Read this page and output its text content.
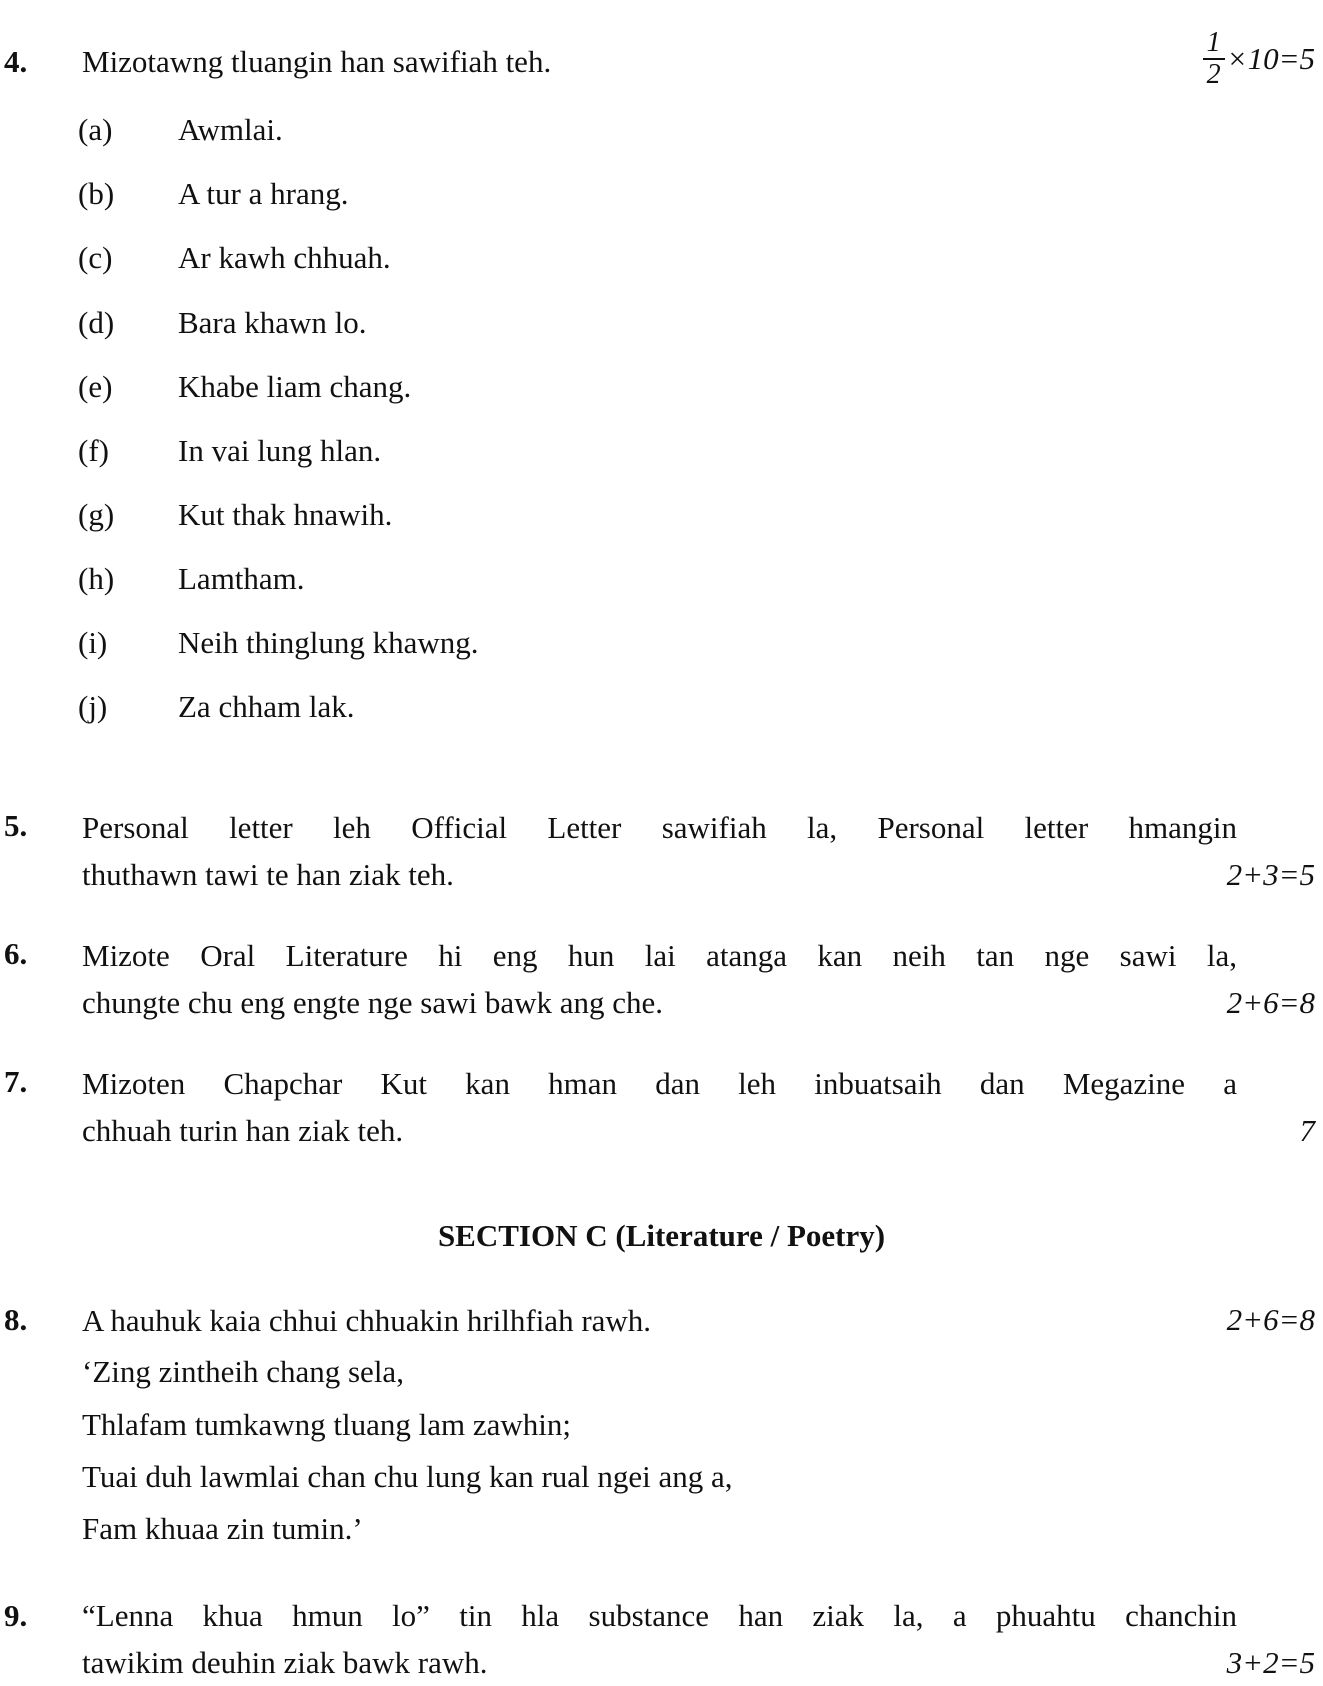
4. Mizotawng tluangin han sawifiah teh.
1
2 ×10=5
(a) Awmlai.
(b) A tur a hrang.
(c) Ar kawh chhuah.
(d) Bara khawn lo.
(e) Khabe liam chang.
(f) In vai lung hlan.
(g) Kut thak hnawih.
(h) Lamtham.
(i) Neih thinglung khawng.
(j) Za chham lak.
5. Personal letter leh Official Letter sawifiah la, Personal letter hmangin
thuthawn tawi te han ziak teh.	2+3=5
6. Mizote Oral Literature hi eng hun lai atanga kan neih tan nge sawi la,
chungte chu eng engte nge sawi bawk ang che.	2+6=8
7. Mizoten Chapchar Kut kan hman dan leh inbuatsaih dan Megazine a
chhuah turin han ziak teh.	7
SECTION C (Literature / Poetry)
8. A hauhuk kaia chhui chhuakin hrilhfiah rawh.	2+6=8
‘Zing zintheih chang sela,
Thlafam tumkawng tluang lam zawhin;
Tuai duh lawmlai chan chu lung kan rual ngei ang a,
Fam khuaa zin tumin.’
9. “Lenna khua hmun lo” tin hla substance han ziak la, a phuahtu chanchin
tawikim deuhin ziak bawk rawh.	3+2=5
